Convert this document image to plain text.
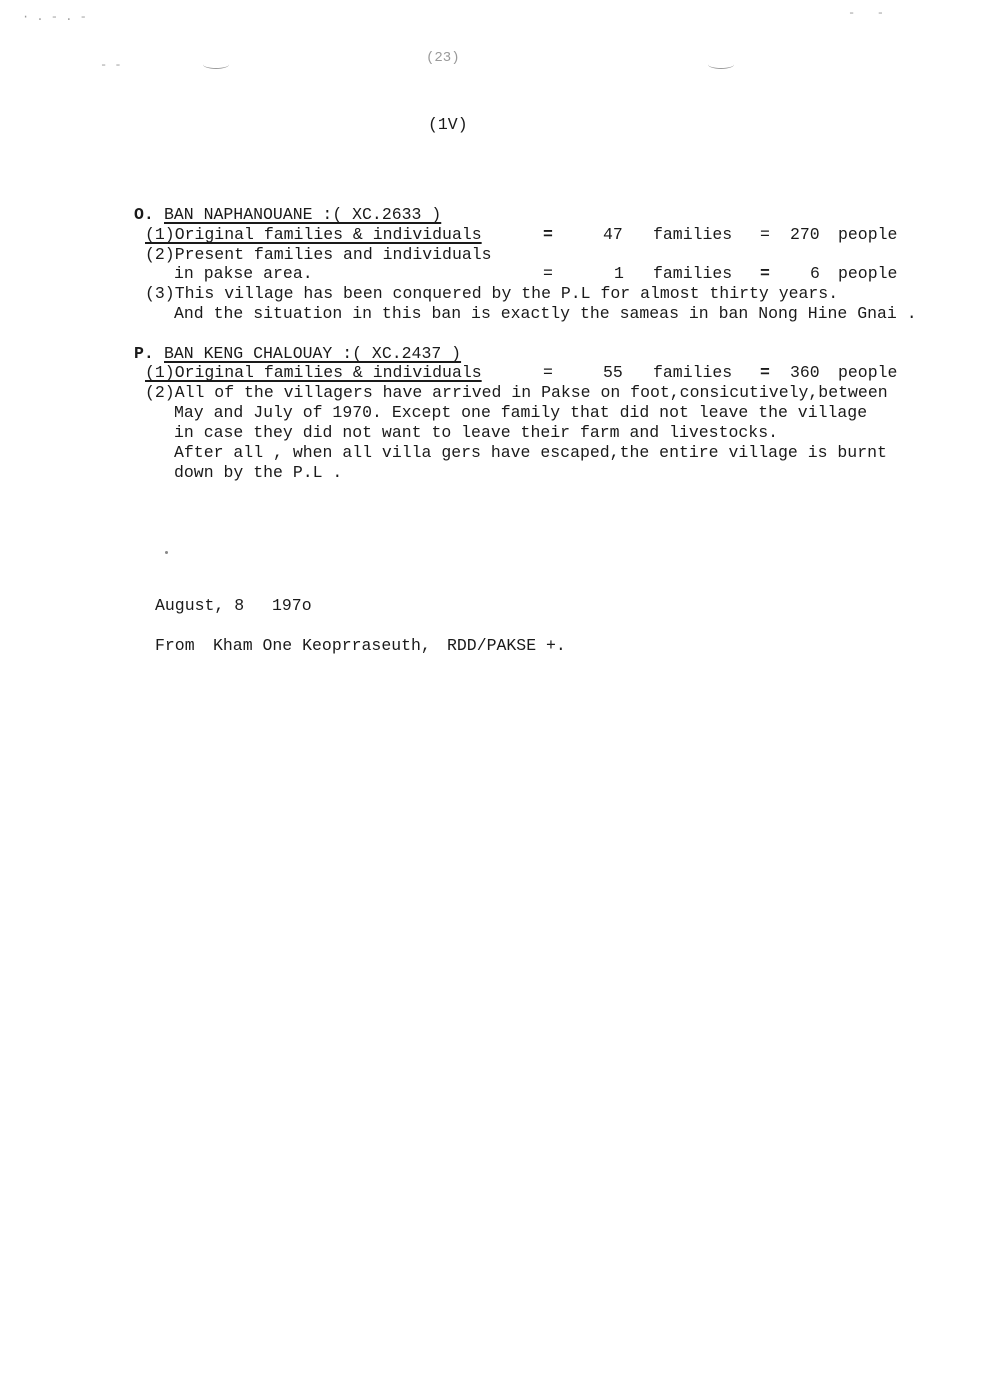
· . ‐ . -
- -
-   -
(23)
(1V)
O. BAN NAPHANOUANE :( XC.2633 )
(1)Original families & individuals	=	47 families = 270 people
(2)Present families and individuals
in pakse area.	=	1 families = 6 people
(3)This village has been conquered by the P.L for almost thirty years.
And the situation in this ban is exactly the sameas in ban Nong Hine Gnai .
P. BAN KENG CHALOUAY :( XC.2437 )
(1)Original families & individuals	=	55 families = 360 people
(2)All of the villagers have arrived in Pakse on foot,consicutively,between
May and July of 1970. Except one family that did not leave the village
in case they did not want to leave their farm and livestocks.
After all , when all villa gers have escaped,the entire village is burnt
down by the P.L .
August, 8 197o
From Kham One Keoprraseuth, RDD/PAKSE +.
